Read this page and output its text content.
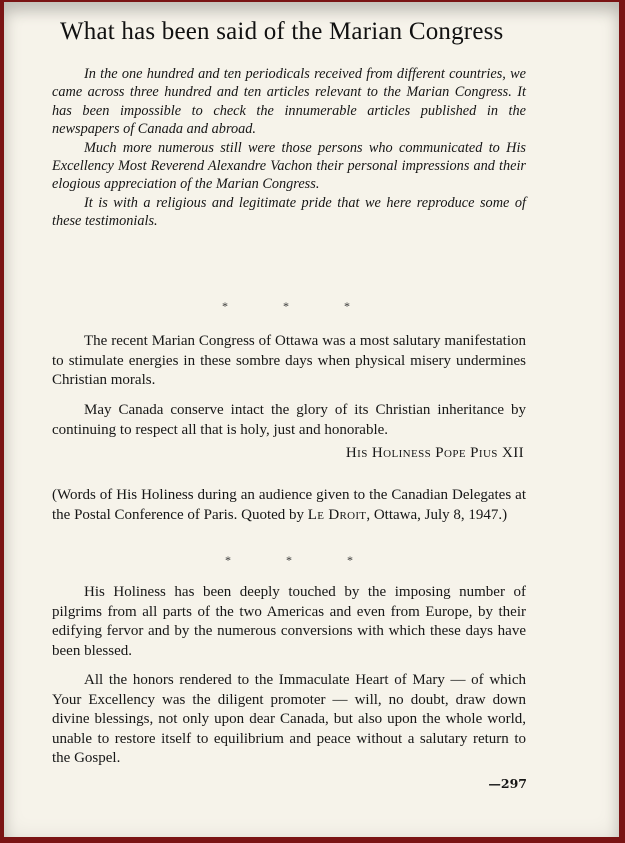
What has been said of the Marian Congress

In the one hundred and ten periodicals received from different countries, we came across three hundred and ten articles relevant to the Marian Congress. It has been impossible to check the innumerable articles published in the newspapers of Canada and abroad.

Much more numerous still were those persons who communicated to His Excellency Most Reverend Alexandre Vachon their personal impressions and their elogious appreciation of the Marian Congress.

It is with a religious and legitimate pride that we here reproduce some of these testimonials.

*	*	*

The recent Marian Congress of Ottawa was a most salutary manifestation to stimulate energies in these sombre days when physical misery undermines Christian morals.

May Canada conserve intact the glory of its Christian inheritance by continuing to respect all that is holy, just and honorable.

His Holiness Pope Pius XII

(Words of His Holiness during an audience given to the Canadian Delegates at the Postal Conference of Paris. Quoted by Le Droit, Ottawa, July 8, 1947.)

*	*	*

His Holiness has been deeply touched by the imposing number of pilgrims from all parts of the two Americas and even from Europe, by their edifying fervor and by the numerous conversions with which these days have been blessed.

All the honors rendered to the Immaculate Heart of Mary — of which Your Excellency was the diligent promoter — will, no doubt, draw down divine blessings, not only upon dear Canada, but also upon the whole world, unable to restore itself to equilibrium and peace without a salutary return to the Gospel.

—297
